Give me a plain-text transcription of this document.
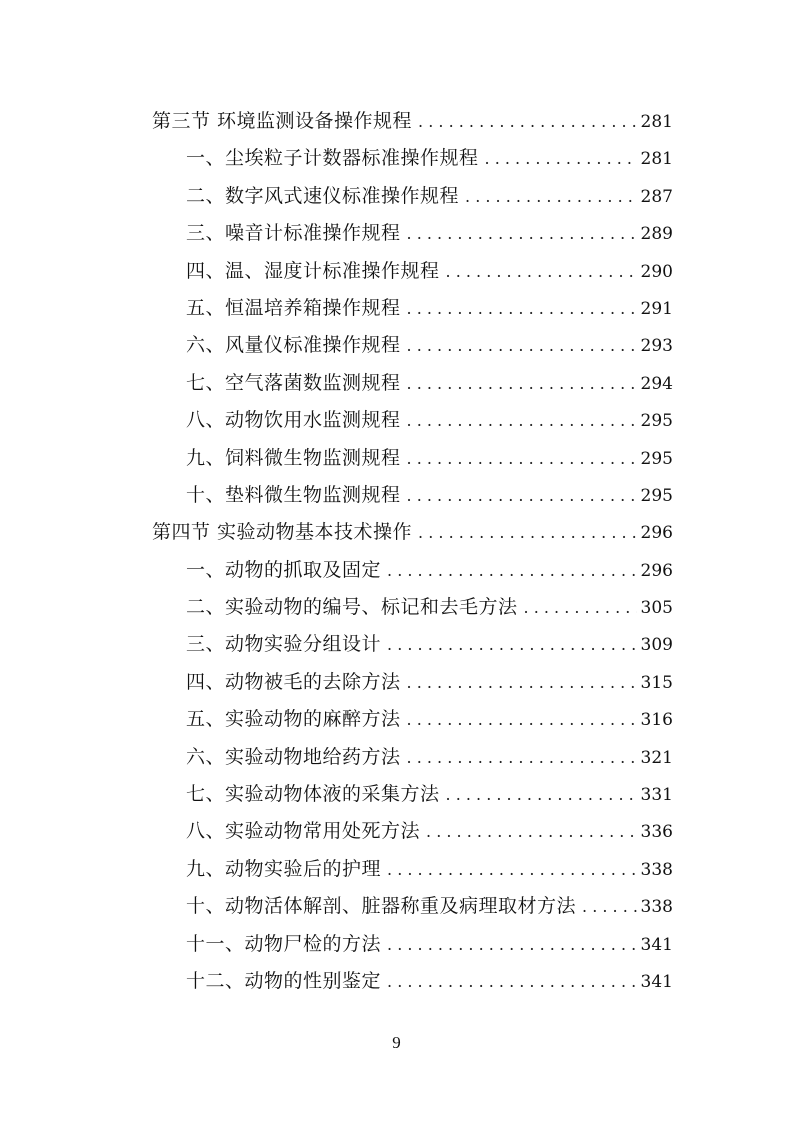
第三节 环境监测设备操作规程 . . .	281
一、尘埃粒子计数器标准操作规程 . . .	281
二、数字风式速仪标准操作规程 . . .	287
三、噪音计标准操作规程 . . .	289
四、温、湿度计标准操作规程 . . .	290
五、恒温培养箱操作规程 . . .	291
六、风量仪标准操作规程 . . .	293
七、空气落菌数监测规程 . . .	294
八、动物饮用水监测规程 . . .	295
九、饲料微生物监测规程 . . .	295
十、垫料微生物监测规程 . . .	295
第四节 实验动物基本技术操作 . . .	296
一、动物的抓取及固定 . . .	296
二、实验动物的编号、标记和去毛方法 . . .	305
三、动物实验分组设计 . . .	309
四、动物被毛的去除方法 . . .	315
五、实验动物的麻醉方法 . . .	316
六、实验动物地给药方法 . . .	321
七、实验动物体液的采集方法 . . .	331
八、实验动物常用处死方法 . . .	336
九、动物实验后的护理 . . .	338
十、动物活体解剖、脏器称重及病理取材方法 . . .	338
十一、动物尸检的方法 . . .	341
十二、动物的性别鉴定 . . .	341
9
